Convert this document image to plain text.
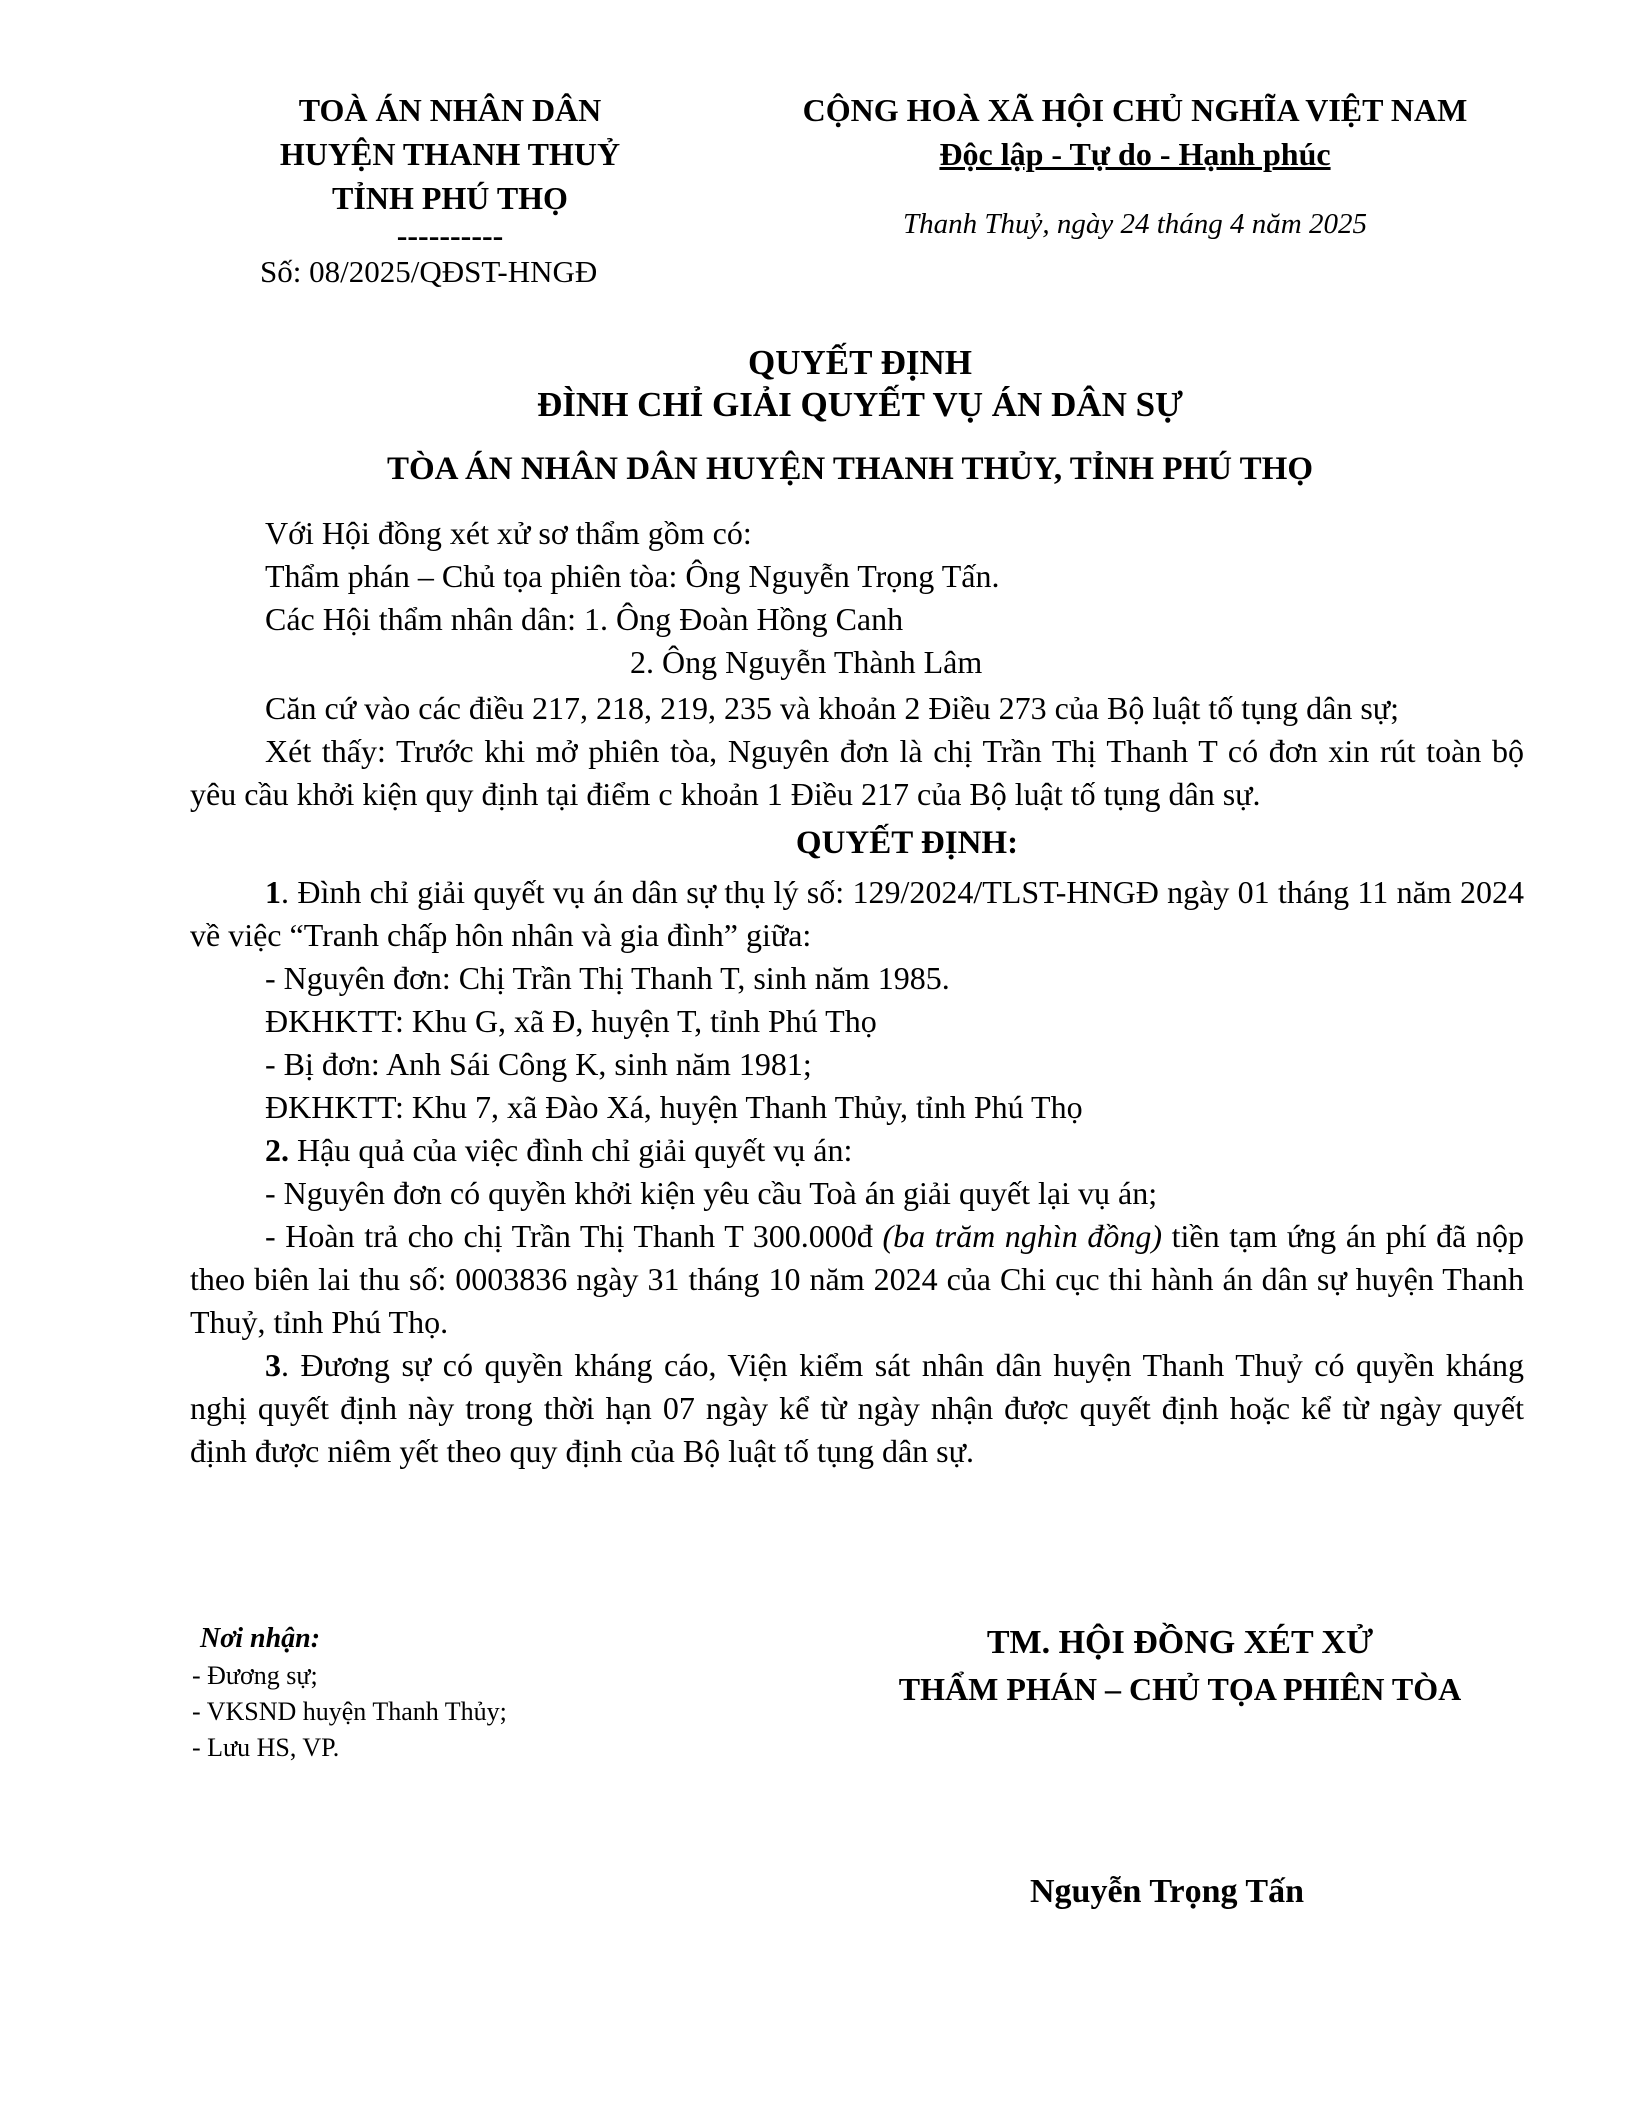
TOÀ ÁN NHÂN DÂN
HUYỆN THANH THUỶ
TỈNH PHÚ THỌ
----------
Số: 08/2025/QĐST-HNGĐ
CỘNG HOÀ XÃ HỘI CHỦ NGHĨA VIỆT NAM
Độc lập - Tự do - Hạnh phúc
Thanh Thuỷ, ngày 24 tháng 4 năm 2025
QUYẾT ĐỊNH
ĐÌNH CHỈ GIẢI QUYẾT VỤ ÁN DÂN SỰ
TÒA ÁN NHÂN DÂN HUYỆN THANH THỦY, TỈNH PHÚ THỌ

Với Hội đồng xét xử sơ thẩm gồm có:

Thẩm phán – Chủ tọa phiên tòa: Ông Nguyễn Trọng Tấn.

Các Hội thẩm nhân dân: 1. Ông Đoàn Hồng Canh

2. Ông Nguyễn Thành Lâm

Căn cứ vào các điều 217, 218, 219, 235 và khoản 2 Điều 273 của Bộ luật tố tụng dân sự;

Xét thấy: Trước khi mở phiên tòa, Nguyên đơn là chị Trần Thị Thanh T có đơn xin rút toàn bộ yêu cầu khởi kiện quy định tại điểm c khoản 1 Điều 217 của Bộ luật tố tụng dân sự.

QUYẾT ĐỊNH:

1. Đình chỉ giải quyết vụ án dân sự thụ lý số: 129/2024/TLST-HNGĐ ngày 01 tháng 11 năm 2024 về việc “Tranh chấp hôn nhân và gia đình” giữa:

- Nguyên đơn: Chị Trần Thị Thanh T, sinh năm 1985.

ĐKHKTT: Khu G, xã Đ, huyện T, tỉnh Phú Thọ

- Bị đơn: Anh Sái Công K, sinh năm 1981;

ĐKHKTT: Khu 7, xã Đào Xá, huyện Thanh Thủy, tỉnh Phú Thọ

2. Hậu quả của việc đình chỉ giải quyết vụ án:

- Nguyên đơn có quyền khởi kiện yêu cầu Toà án giải quyết lại vụ án;

- Hoàn trả cho chị Trần Thị Thanh T 300.000đ (ba trăm nghìn đồng) tiền tạm ứng án phí đã nộp theo biên lai thu số: 0003836 ngày 31 tháng 10 năm 2024 của Chi cục thi hành án dân sự huyện Thanh Thuỷ, tỉnh Phú Thọ.

3. Đương sự có quyền kháng cáo, Viện kiểm sát nhân dân huyện Thanh Thuỷ có quyền kháng nghị quyết định này trong thời hạn 07 ngày kể từ ngày nhận được quyết định hoặc kể từ ngày quyết định được niêm yết theo quy định của Bộ luật tố tụng dân sự.

Nơi nhận:
- Đương sự;
- VKSND huyện Thanh Thủy;
- Lưu HS, VP.
TM. HỘI ĐỒNG XÉT XỬ
THẨM PHÁN – CHỦ TỌA PHIÊN TÒA
Nguyễn Trọng Tấn
